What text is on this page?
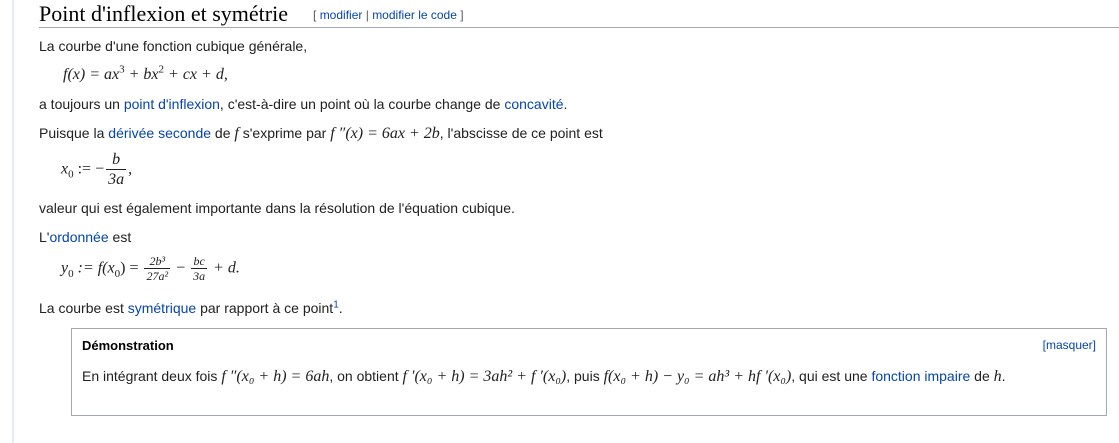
Point d'inflexion et symétrie [ modifier | modifier le code ]
La courbe d'une fonction cubique générale,
$f(x) = ax^3 + bx^2$ + cx + d,
a toujours un point d'inflexion, c'est-à-dire un point où la courbe change de concavité.
Puisque la dérivée seconde de f s'exprime par f ″(x) = 6ax + 2b, l'abscisse de ce point est
$x_0$ := − $\frac{b}{3a}$ ,
valeur qui est également importante dans la résolution de l'équation cubique.
L'ordonnée est
$y_0$ := $f(x_0) = \frac{\text{2b³}}{\text{27a²}} - \frac{bc}{3a} + d$.
La courbe est symétrique par rapport à ce point$^1$.
Démonstration	[masquer]
En intégrant deux fois f ″(x₀ + h) = 6ah, on obtient f ′(x₀ + h) = 3ah² + f ′(x₀), puis f(x₀ + h) − y₀ = ah³ + hf ′(x₀), qui est une fonction impaire de h.
